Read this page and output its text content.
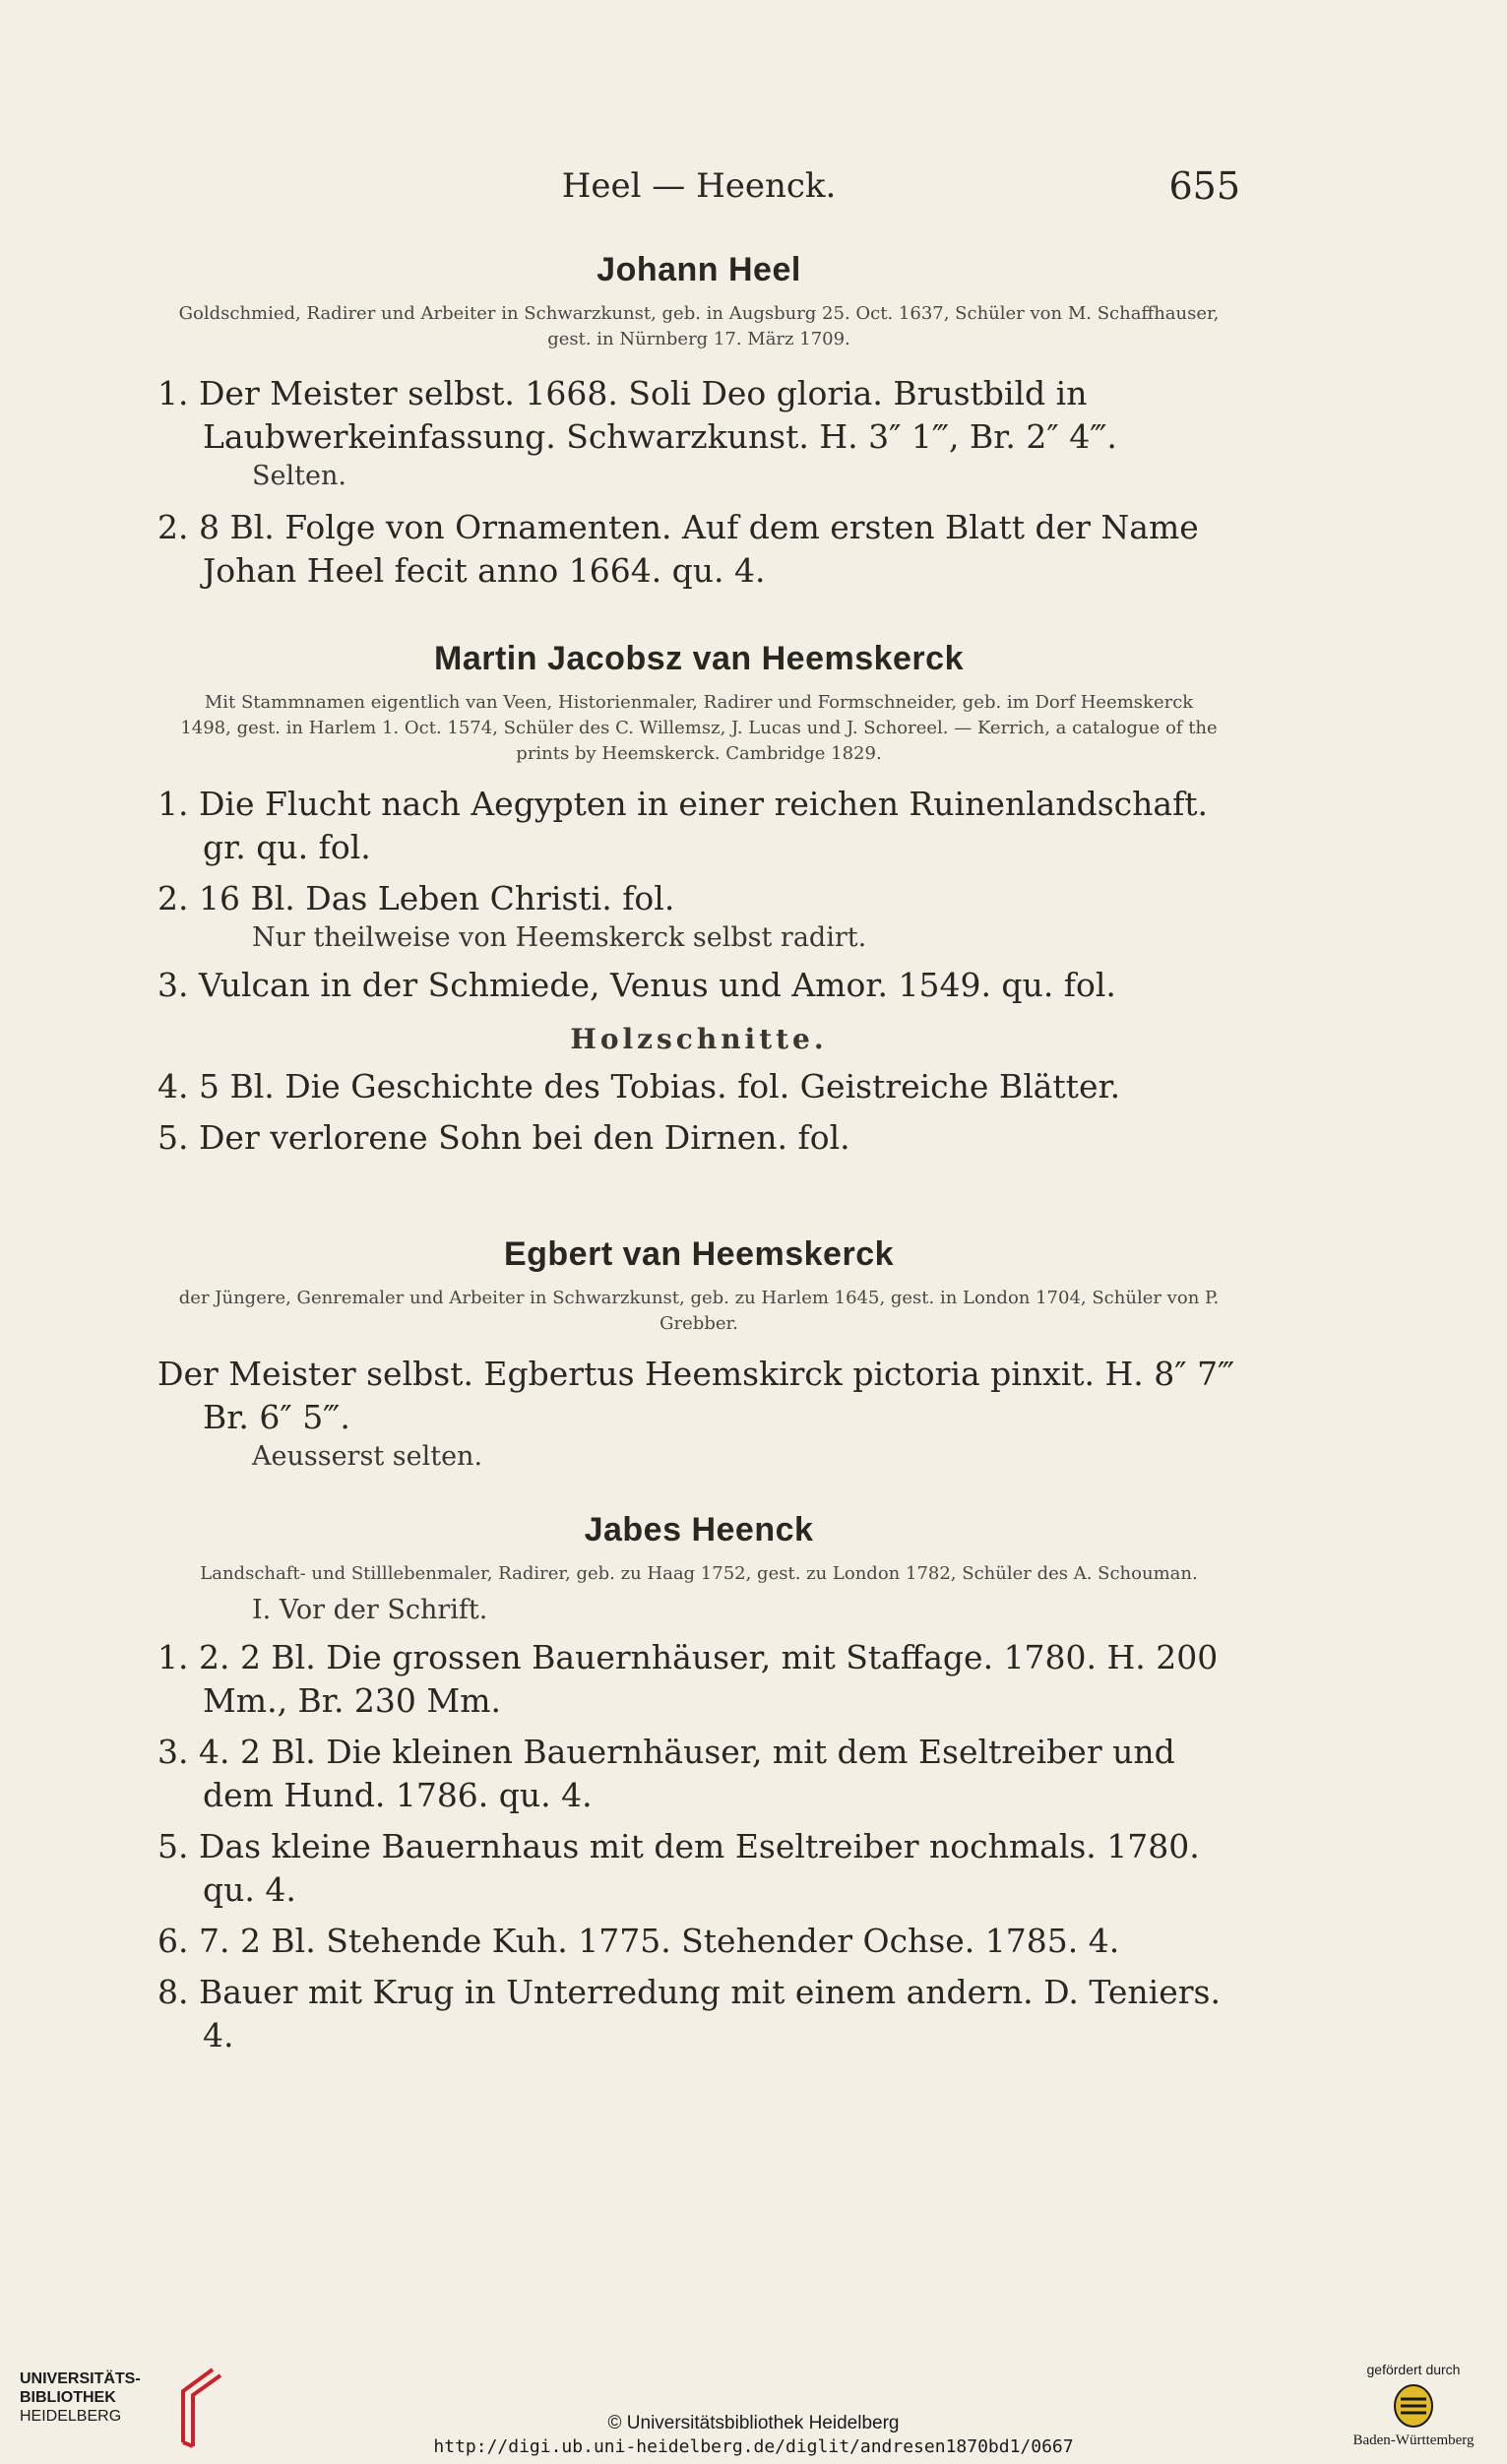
Heel — Heenck.	655
Johann Heel
Goldschmied, Radirer und Arbeiter in Schwarzkunst, geb. in Augsburg 25. Oct. 1637, Schüler von M. Schaffhauser, gest. in Nürnberg 17. März 1709.
1. Der Meister selbst. 1668. Soli Deo gloria. Brustbild in Laubwerkeinfassung. Schwarzkunst. H. 3″ 1‴, Br. 2″ 4‴.
Selten.
2. 8 Bl. Folge von Ornamenten. Auf dem ersten Blatt der Name Johan Heel fecit anno 1664. qu. 4.
Martin Jacobsz van Heemskerck
Mit Stammnamen eigentlich van Veen, Historienmaler, Radirer und Formschneider, geb. im Dorf Heemskerck 1498, gest. in Harlem 1. Oct. 1574, Schüler des C. Willemsz, J. Lucas und J. Schoreel. — Kerrich, a catalogue of the prints by Heemskerck. Cambridge 1829.
1. Die Flucht nach Aegypten in einer reichen Ruinenlandschaft. gr. qu. fol.
2. 16 Bl. Das Leben Christi. fol.
Nur theilweise von Heemskerck selbst radirt.
3. Vulcan in der Schmiede, Venus und Amor. 1549. qu. fol.
Holzschnitte.
4. 5 Bl. Die Geschichte des Tobias. fol. Geistreiche Blätter.
5. Der verlorene Sohn bei den Dirnen. fol.
Egbert van Heemskerck
der Jüngere, Genremaler und Arbeiter in Schwarzkunst, geb. zu Harlem 1645, gest. in London 1704, Schüler von P. Grebber.
Der Meister selbst. Egbertus Heemskirck pictoria pinxit. H. 8″ 7‴ Br. 6″ 5‴.
Aeusserst selten.
Jabes Heenck
Landschaft- und Stilllebenmaler, Radirer, geb. zu Haag 1752, gest. zu London 1782, Schüler des A. Schouman.
I. Vor der Schrift.
1. 2. 2 Bl. Die grossen Bauernhäuser, mit Staffage. 1780. H. 200 Mm., Br. 230 Mm.
3. 4. 2 Bl. Die kleinen Bauernhäuser, mit dem Eseltreiber und dem Hund. 1786. qu. 4.
5. Das kleine Bauernhaus mit dem Eseltreiber nochmals. 1780. qu. 4.
6. 7. 2 Bl. Stehende Kuh. 1775. Stehender Ochse. 1785. 4.
8. Bauer mit Krug in Unterredung mit einem andern. D. Teniers. 4.
UNIVERSITÄTS-
BIBLIOTHEK
HEIDELBERG	© Universitätsbibliothek Heidelberg
http://digi.ub.uni-heidelberg.de/diglit/andresen1870bd1/0667
gefördert durch
Baden-Württemberg
